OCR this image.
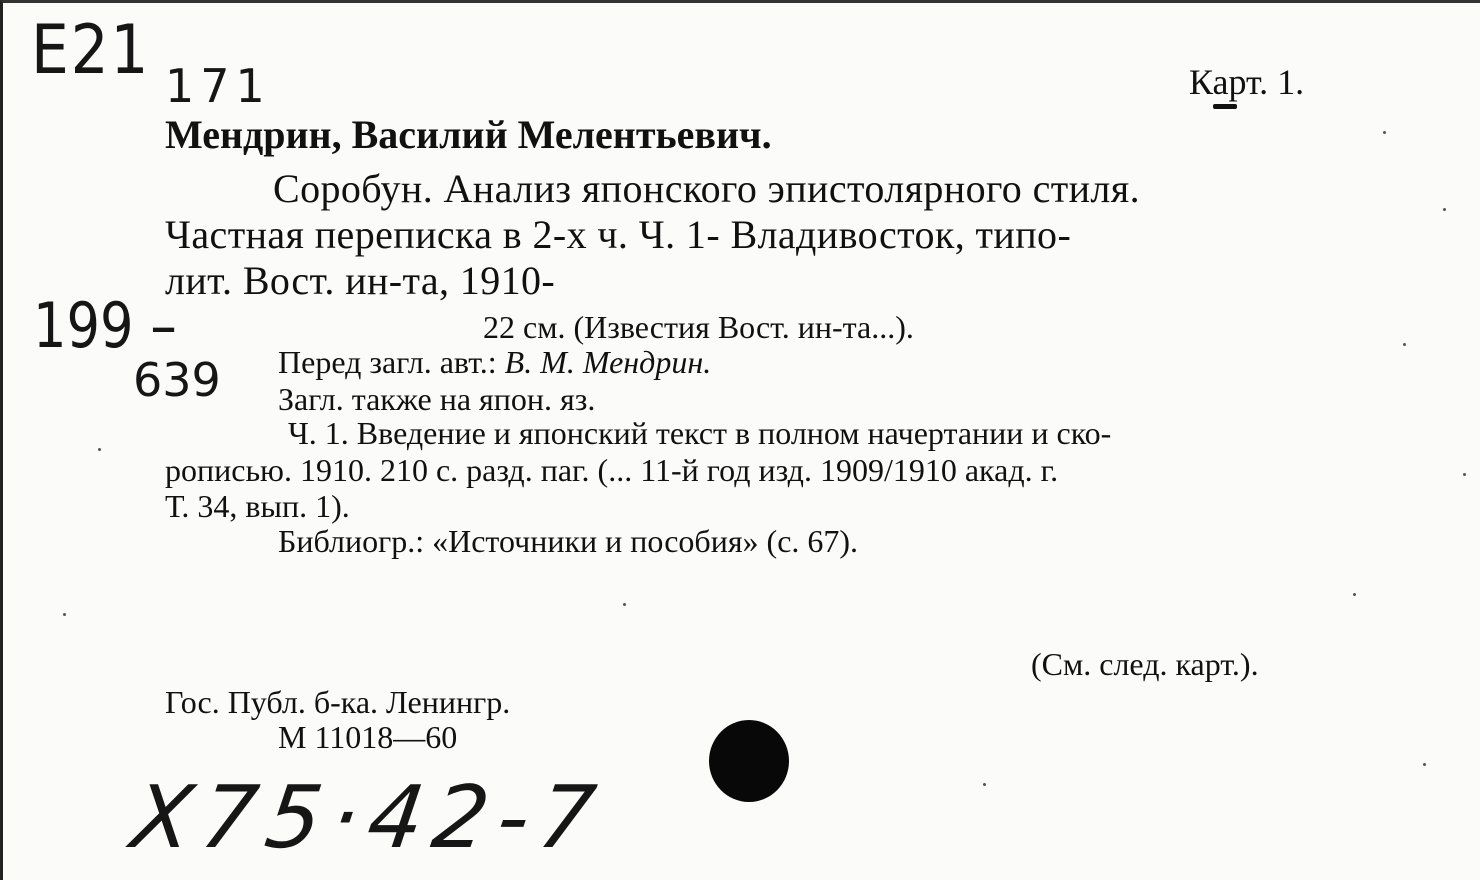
E21 171
199 –
639
X75·42-7
Карт. 1.
Мендрин, Василий Мелентьевич.
Соробун. Анализ японского эпистолярного стиля.
Частная переписка в 2-х ч. Ч. 1- Владивосток, типо-
лит. Вост. ин-та, 1910-
22 см. (Известия Вост. ин-та...).
Перед загл. авт.: В. М. Мендрин.
Загл. также на япон. яз.
Ч. 1. Введение и японский текст в полном начертании и ско-
рописью. 1910. 210 с. разд. паг. (... 11-й год изд. 1909/1910 акад. г.
Т. 34, вып. 1).
Библиогр.: «Источники и пособия» (с. 67).
(См. след. карт.).
Гос. Публ. б-ка. Ленингр.
М 11018—60
